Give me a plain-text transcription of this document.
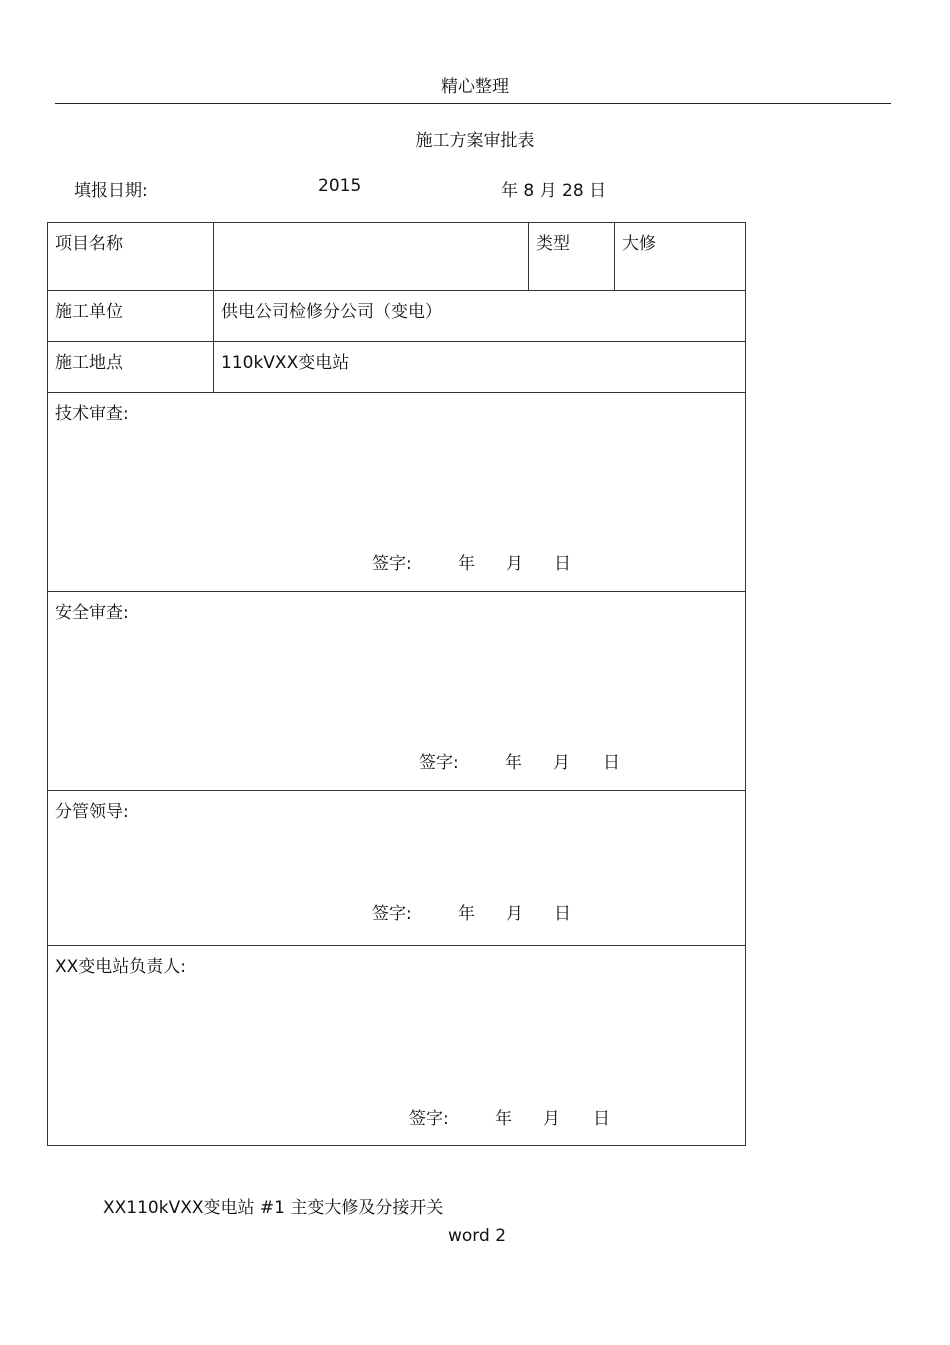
精心整理
施工方案审批表
填报日期:	2015	年 8 月 28 日
项目名称		类型	大修
施工单位	供电公司检修分公司（变电）		
施工地点	110kVXX变电站		

技术审查:
签字: 年 月 日			

安全审查:
签字: 年 月 日			

分管领导:
签字: 年 月 日			

XX变电站负责人:
签字: 年 月 日			
XX110kVXX变电站 #1 主变大修及分接开关
word 2
